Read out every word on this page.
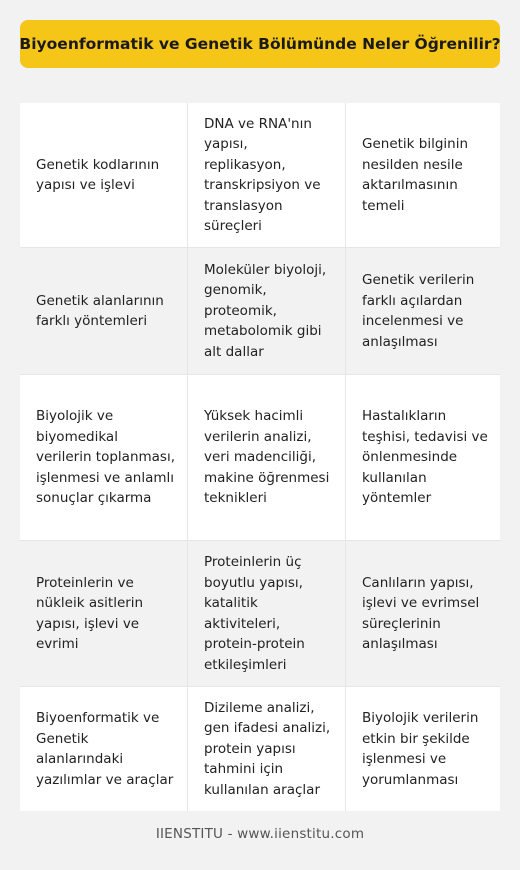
Biyoenformatik ve Genetik Bölümünde Neler Öğrenilir?
Genetik kodlarının yapısı ve işlevi
DNA ve RNA'nın yapısı, replikasyon, transkripsiyon ve translasyon süreçleri
Genetik bilginin nesilden nesile aktarılmasının temeli
Genetik alanlarının farklı yöntemleri
Moleküler biyoloji, genomik, proteomik, metabolomik gibi alt dallar
Genetik verilerin farklı açılardan incelenmesi ve anlaşılması
Biyolojik ve biyomedikal verilerin toplanması, işlenmesi ve anlamlı sonuçlar çıkarma
Yüksek hacimli verilerin analizi, veri madenciliği, makine öğrenmesi teknikleri
Hastalıkların teşhisi, tedavisi ve önlenmesinde kullanılan yöntemler
Proteinlerin ve nükleik asitlerin yapısı, işlevi ve evrimi
Proteinlerin üç boyutlu yapısı, katalitik aktiviteleri, protein-protein etkileşimleri
Canlıların yapısı, işlevi ve evrimsel süreçlerinin anlaşılması
Biyoenformatik ve Genetik alanlarındaki yazılımlar ve araçlar
Dizileme analizi, gen ifadesi analizi, protein yapısı tahmini için kullanılan araçlar
Biyolojik verilerin etkin bir şekilde işlenmesi ve yorumlanması
IIENSTITU - www.iienstitu.com
